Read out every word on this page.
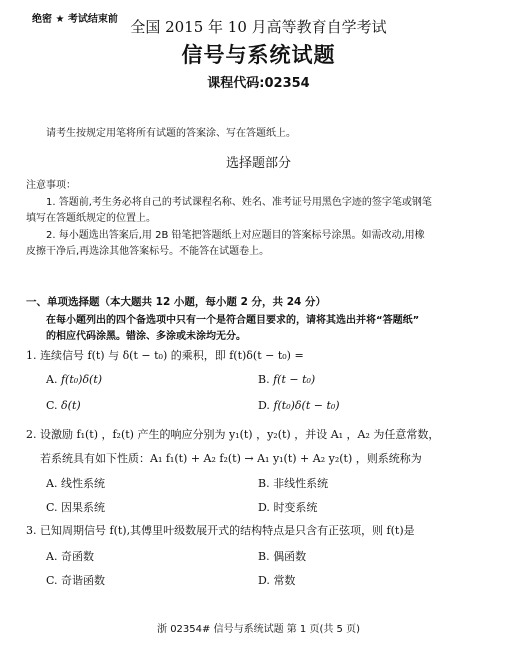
绝密 ★ 考试结束前 全国 2015 年 10 月高等教育自学考试
信号与系统试题
课程代码:02354
请考生按规定用笔将所有试题的答案涂、写在答题纸上。
选择题部分
注意事项：
1. 答题前,考生务必将自己的考试课程名称、姓名、准考证号用黑色字迹的签字笔或钢笔
填写在答题纸规定的位置上。
2. 每小题选出答案后,用 2B 铅笔把答题纸上对应题目的答案标号涂黑。如需改动,用橡
皮擦干净后,再选涂其他答案标号。不能答在试题卷上。
一、单项选择题（本大题共 12 小题，每小题 2 分，共 24 分）
在每小题列出的四个备选项中只有一个是符合题目要求的，请将其选出并将“答题纸”
的相应代码涂黑。错涂、多涂或未涂均无分。
1. 连续信号 f(t) 与 δ(t − t₀) 的乘积，即 f(t)δ(t − t₀) =
A. f(t₀)δ(t)	B. f(t − t₀)
C. δ(t)	D. f(t₀)δ(t − t₀)
2. 设激励 f₁(t) ，f₂(t) 产生的响应分别为 y₁(t) ，y₂(t) ，并设 A₁ ，A₂ 为任意常数，
若系统具有如下性质：A₁ f₁(t) + A₂ f₂(t) → A₁ y₁(t) + A₂ y₂(t) ，则系统称为
A. 线性系统	B. 非线性系统
C. 因果系统	D. 时变系统
3. 已知周期信号 f(t),其傅里叶级数展开式的结构特点是只含有正弦项，则 f(t)是
A. 奇函数	B. 偶函数
C. 奇谐函数	D. 常数
浙 02354# 信号与系统试题 第 1 页(共 5 页)
